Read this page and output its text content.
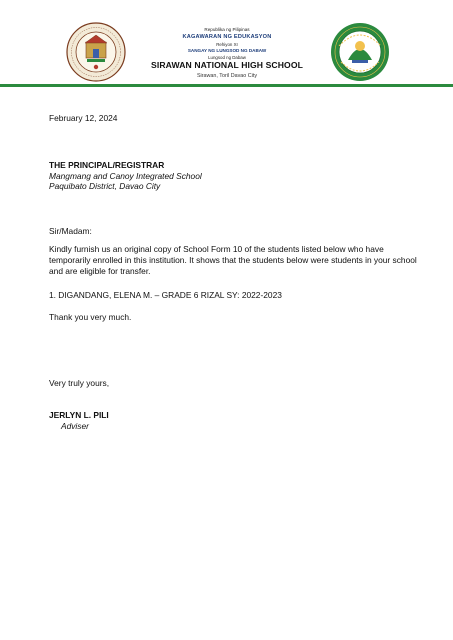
Republika ng Pilipinas
KAGAWARAN NG EDUKASYON
Rehiyon XI
SANGAY NG LUNGSOD NG DABAW
Lungsod ng Dabaw
SIRAWAN NATIONAL HIGH SCHOOL
Sirawan, Toril Davao City
February 12, 2024
THE PRINCIPAL/REGISTRAR
Mangmang and Canoy Integrated School
Paquibato District, Davao City
Sir/Madam:
Kindly furnish us an original copy of School Form 10 of the students listed below who have
temporarily enrolled in this institution. It shows that the students below were students in your school
and are eligible for transfer.
1. DIGANDANG, ELENA M. – GRADE 6 RIZAL SY: 2022-2023
Thank you very much.
Very truly yours,
JERLYN L. PILI
Adviser
